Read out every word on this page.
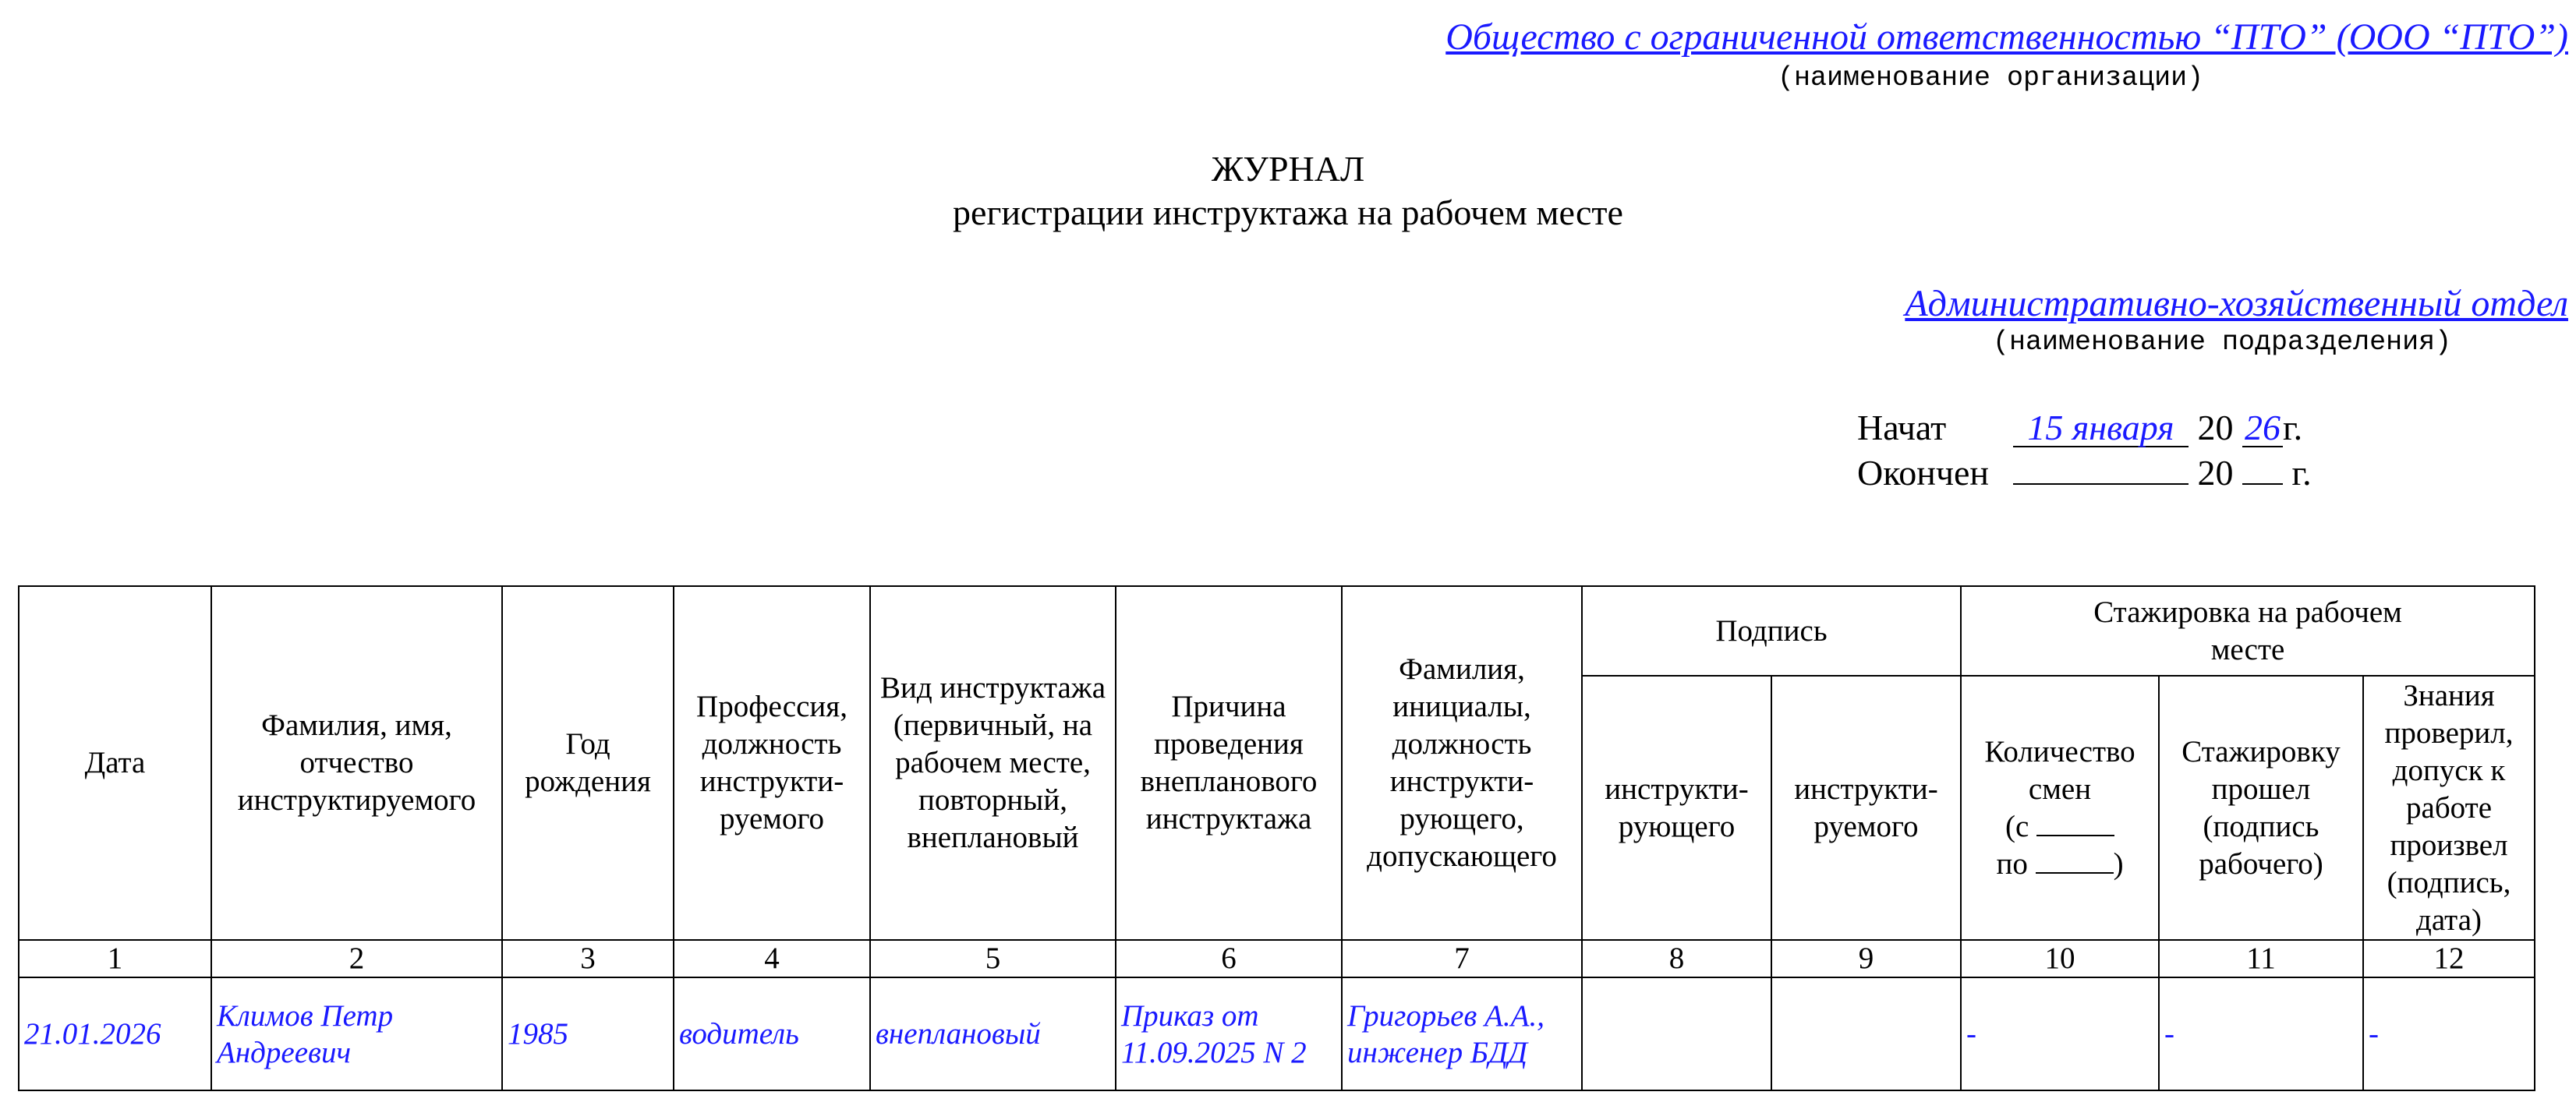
Общество с ограниченной ответственностью “ПТО” (ООО “ПТО”)
(наименование организации)
ЖУРНАЛ
регистрации инструктажа на рабочем месте
Административно-хозяйственный отдел
(наименование подразделения)
Начат 15 января 20 26г.
Окончен	20 г.
Дата	Фамилия, имя, отчество инструктируемого	Год рождения	Профессия, должность инструкти-руемого	Вид инструктажа (первичный, на рабочем месте, повторный, внеплановый	Причина проведения внепланового инструктажа	Фамилия, инициалы, должность инструкти-рующего, допускающего	Подпись		Стажировка на рабочем месте		
							инструкти-рующего	инструкти-руемого	Количество смен
(с
по )	Стажировку прошел (подпись рабочего)	Знания проверил, допуск к работе произвел (подпись, дата)
1	2	3	4	5	6	7	8	9	10	11	12
21.01.2026	Климов Петр Андреевич	1985	водитель	внеплановый	Приказ от 11.09.2025 N 2	Григорьев А.А., инженер БДД			-	-	-
